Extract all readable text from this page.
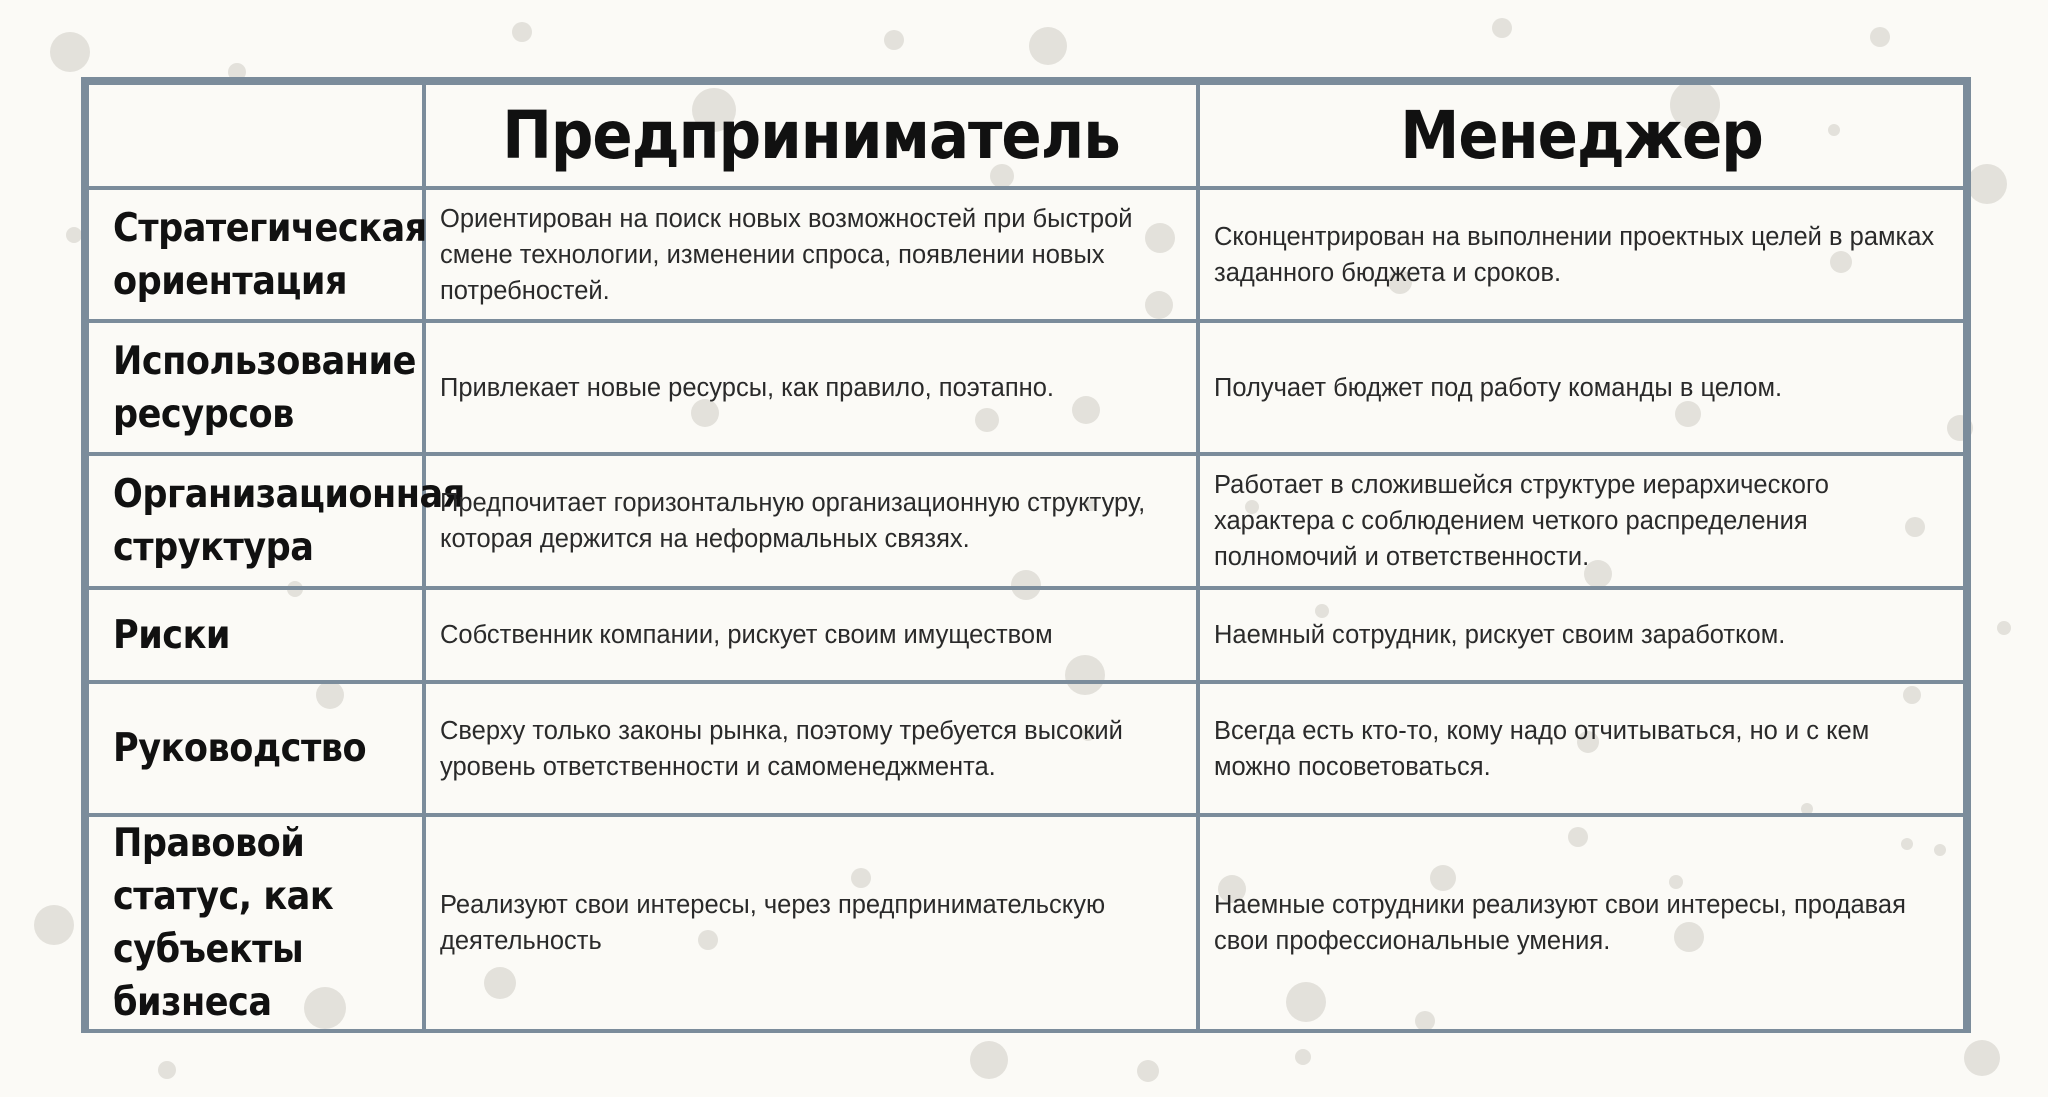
	Предприниматель	Менеджер
Стратегическая ориентация	Ориентирован на поиск новых возможностей при быстрой смене технологии, изменении спроса, появлении новых потребностей.	Сконцентрирован на выполнении проектных целей в рамках заданного бюджета и сроков.
Использование ресурсов	Привлекает новые ресурсы, как правило, поэтапно.	Получает бюджет под работу команды в целом.
Организационная структура	Предпочитает горизонтальную организационную структуру, которая держится на неформальных связях.	Работает в сложившейся структуре иерархического характера с соблюдением четкого распределения полномочий и ответственности.
Риски	Собственник компании, рискует своим имуществом	Наемный сотрудник, рискует своим заработком.
Руководство	Сверху только законы рынка, поэтому требуется высокий уровень ответственности и самоменеджмента.	Всегда есть кто-то, кому надо отчитываться, но и с кем можно посоветоваться.
Правовой статус, как субъекты бизнеса	Реализуют свои интересы, через предпринимательскую деятельность	Наемные сотрудники реализуют свои интересы, продавая свои профессиональные умения.
